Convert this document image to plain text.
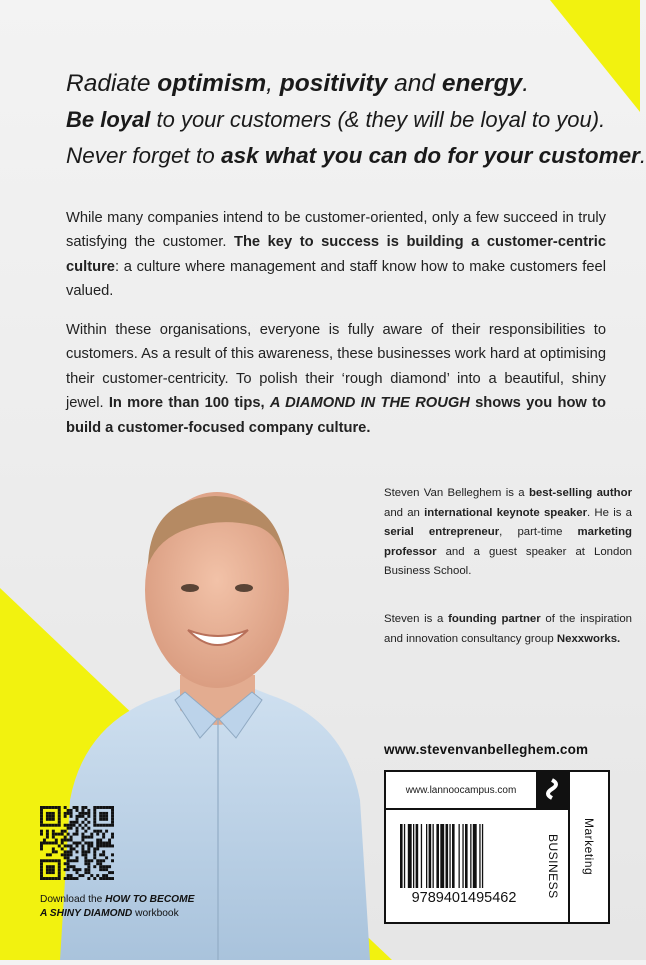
Radiate optimism, positivity and energy.
Be loyal to your customers (& they will be loyal to you).
Never forget to ask what you can do for your customer.
While many companies intend to be customer-oriented, only a few succeed in truly satisfying the customer. The key to success is building a customer-centric culture: a culture where management and staff know how to make customers feel valued.
Within these organisations, everyone is fully aware of their responsibilities to customers. As a result of this awareness, these businesses work hard at optimising their customer-centricity. To polish their ‘rough diamond’ into a beautiful, shiny jewel. In more than 100 tips, A DIAMOND IN THE ROUGH shows you how to build a customer-focused company culture.
Steven Van Belleghem is a best-selling author and an international keynote speaker. He is a serial entrepreneur, part-time marketing professor and a guest speaker at London Business School.
Steven is a founding partner of the inspiration and innovation consultancy group Nexxworks.
www.stevenvanbelleghem.com
www.lannoocampus.com
9789401495462	BUSINESS Marketing
Download the HOW TO BECOME
A SHINY DIAMOND workbook
